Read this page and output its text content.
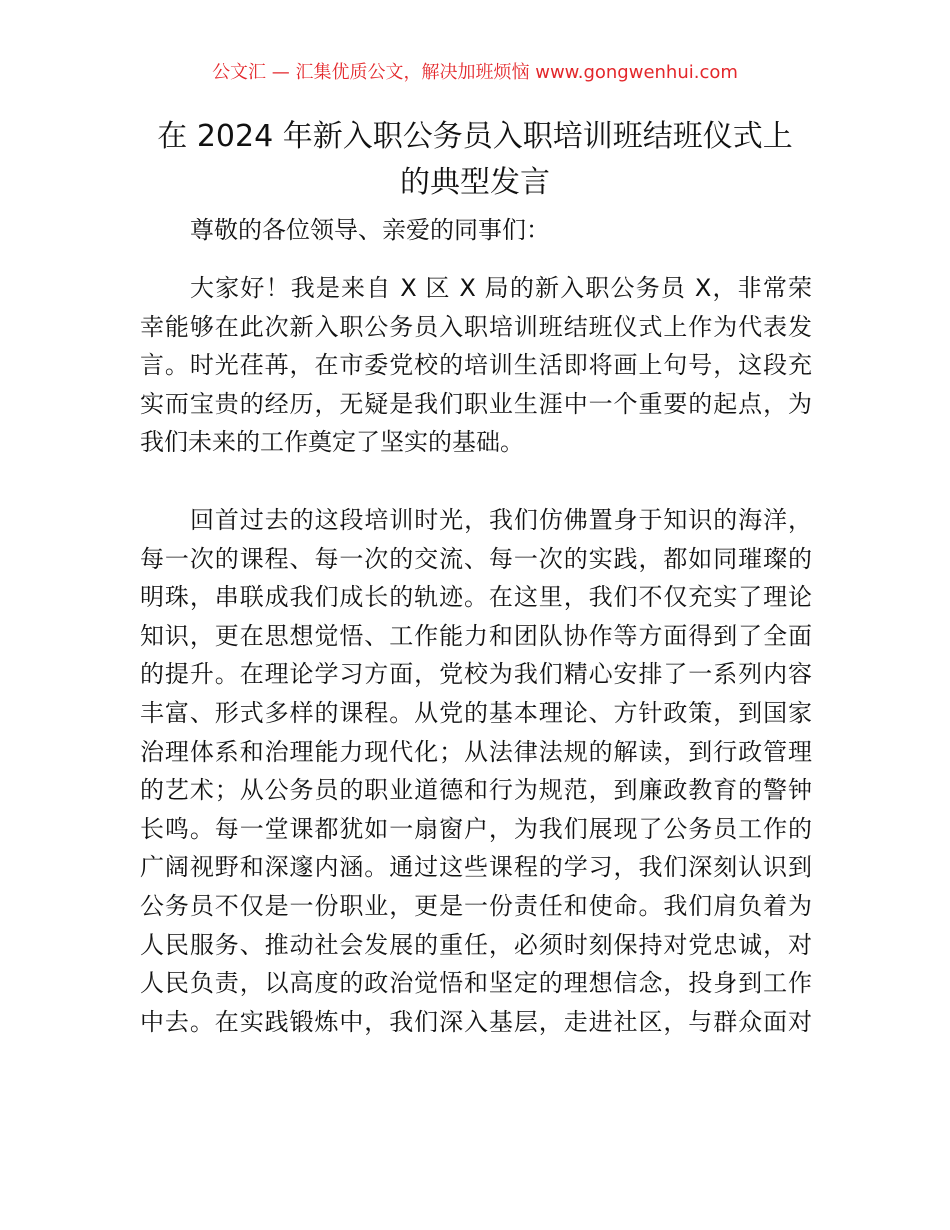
公文汇 — 汇集优质公文，解决加班烦恼 www.gongwenhui.com
在 2024 年新入职公务员入职培训班结班仪式上
的典型发言
尊敬的各位领导、亲爱的同事们：
大家好！我是来自 X 区 X 局的新入职公务员 X，非常荣
幸能够在此次新入职公务员入职培训班结班仪式上作为代表发
言。时光荏苒，在市委党校的培训生活即将画上句号，这段充
实而宝贵的经历，无疑是我们职业生涯中一个重要的起点，为
我们未来的工作奠定了坚实的基础。
回首过去的这段培训时光，我们仿佛置身于知识的海洋，
每一次的课程、每一次的交流、每一次的实践，都如同璀璨的
明珠，串联成我们成长的轨迹。在这里，我们不仅充实了理论
知识，更在思想觉悟、工作能力和团队协作等方面得到了全面
的提升。在理论学习方面，党校为我们精心安排了一系列内容
丰富、形式多样的课程。从党的基本理论、方针政策，到国家
治理体系和治理能力现代化；从法律法规的解读，到行政管理
的艺术；从公务员的职业道德和行为规范，到廉政教育的警钟
长鸣。每一堂课都犹如一扇窗户，为我们展现了公务员工作的
广阔视野和深邃内涵。通过这些课程的学习，我们深刻认识到
公务员不仅是一份职业，更是一份责任和使命。我们肩负着为
人民服务、推动社会发展的重任，必须时刻保持对党忠诚，对
人民负责，以高度的政治觉悟和坚定的理想信念，投身到工作
中去。在实践锻炼中，我们深入基层，走进社区，与群众面对
